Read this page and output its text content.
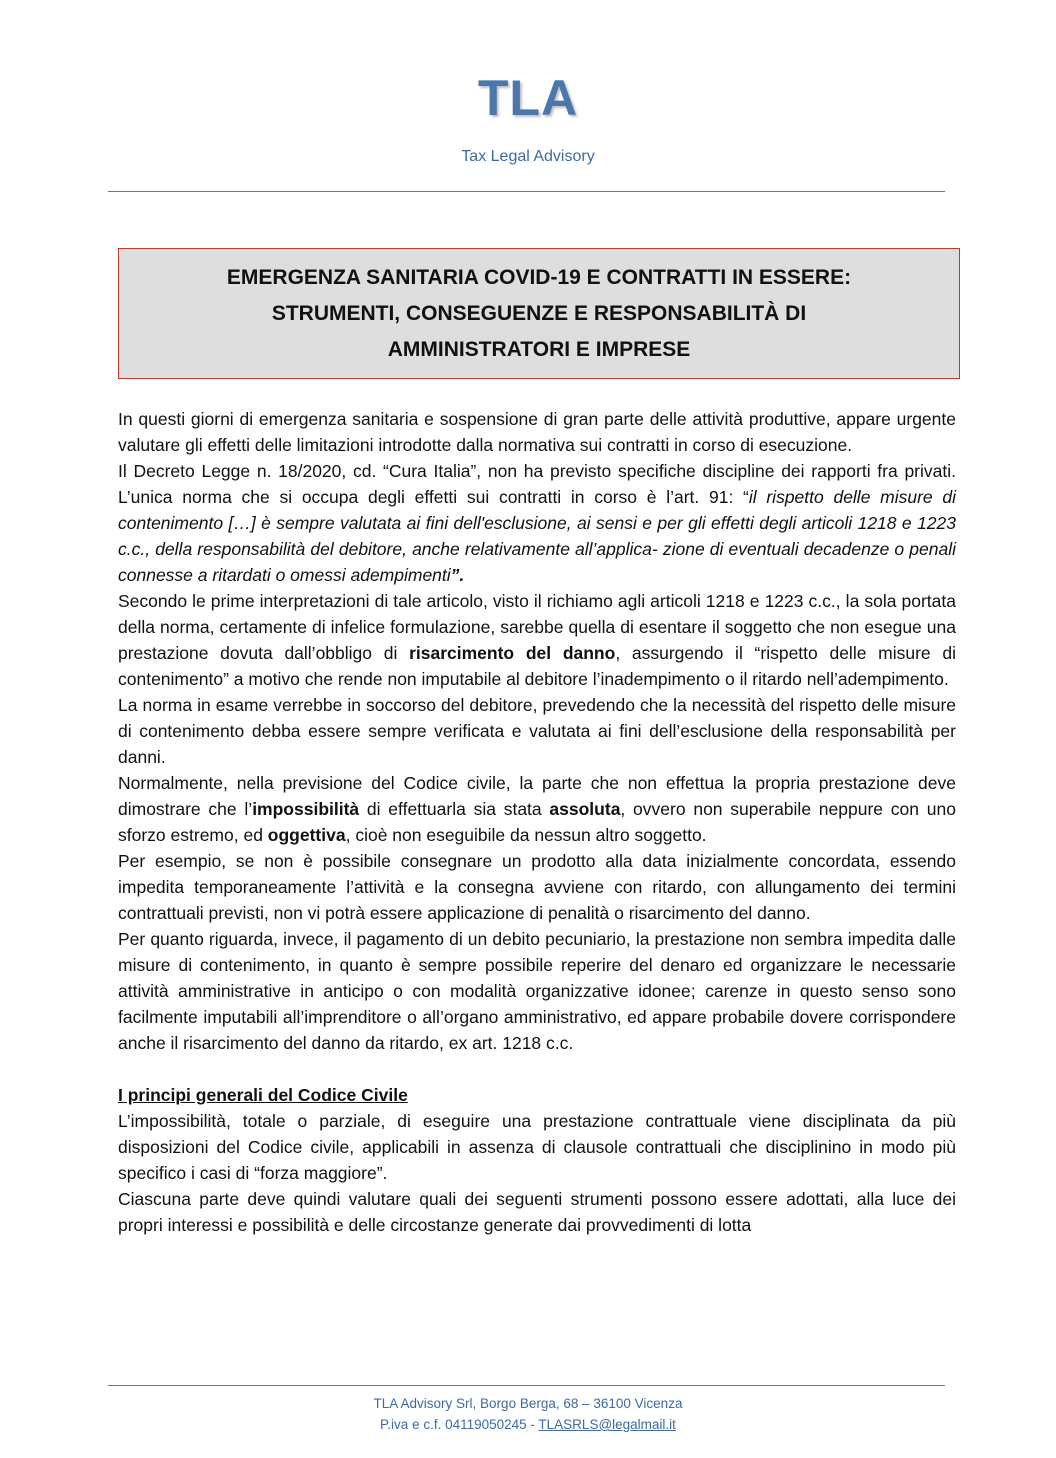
TLA
Tax Legal Advisory

EMERGENZA SANITARIA COVID-19 E CONTRATTI IN ESSERE:
STRUMENTI, CONSEGUENZE E RESPONSABILITÀ DI
AMMINISTRATORI E IMPRESE

In questi giorni di emergenza sanitaria e sospensione di gran parte delle attività produttive, appare urgente valutare gli effetti delle limitazioni introdotte dalla normativa sui contratti in corso di esecuzione.

Il Decreto Legge n. 18/2020, cd. “Cura Italia”, non ha previsto specifiche discipline dei rapporti fra privati. L’unica norma che si occupa degli effetti sui contratti in corso è l’art. 91: “il rispetto delle misure di contenimento […] è sempre valutata ai fini dell'esclusione, ai sensi e per gli effetti degli articoli 1218 e 1223 c.c., della responsabilità del debitore, anche relativamente all’applica- zione di eventuali decadenze o penali connesse a ritardati o omessi adempimenti”.

Secondo le prime interpretazioni di tale articolo, visto il richiamo agli articoli 1218 e 1223 c.c., la sola portata della norma, certamente di infelice formulazione, sarebbe quella di esentare il soggetto che non esegue una prestazione dovuta dall’obbligo di risarcimento del danno, assurgendo il “rispetto delle misure di contenimento” a motivo che rende non imputabile al debitore l’inadempimento o il ritardo nell’adempimento.

La norma in esame verrebbe in soccorso del debitore, prevedendo che la necessità del rispetto delle misure di contenimento debba essere sempre verificata e valutata ai fini dell’esclusione della responsabilità per danni.

Normalmente, nella previsione del Codice civile, la parte che non effettua la propria prestazione deve dimostrare che l’impossibilità di effettuarla sia stata assoluta, ovvero non superabile neppure con uno sforzo estremo, ed oggettiva, cioè non eseguibile da nessun altro soggetto.

Per esempio, se non è possibile consegnare un prodotto alla data inizialmente concordata, essendo impedita temporaneamente l’attività e la consegna avviene con ritardo, con allungamento dei termini contrattuali previsti, non vi potrà essere applicazione di penalità o risarcimento del danno.

Per quanto riguarda, invece, il pagamento di un debito pecuniario, la prestazione non sembra impedita dalle misure di contenimento, in quanto è sempre possibile reperire del denaro ed organizzare le necessarie attività amministrative in anticipo o con modalità organizzative idonee; carenze in questo senso sono facilmente imputabili all’imprenditore o all’organo amministrativo, ed appare probabile dovere corrispondere anche il risarcimento del danno da ritardo, ex art. 1218 c.c.

I principi generali del Codice Civile

L’impossibilità, totale o parziale, di eseguire una prestazione contrattuale viene disciplinata da più disposizioni del Codice civile, applicabili in assenza di clausole contrattuali che disciplinino in modo più specifico i casi di “forza maggiore”.

Ciascuna parte deve quindi valutare quali dei seguenti strumenti possono essere adottati, alla luce dei propri interessi e possibilità e delle circostanze generate dai provvedimenti di lotta

TLA Advisory Srl, Borgo Berga, 68 – 36100 Vicenza
P.iva e c.f. 04119050245 - TLASRLS@legalmail.it
